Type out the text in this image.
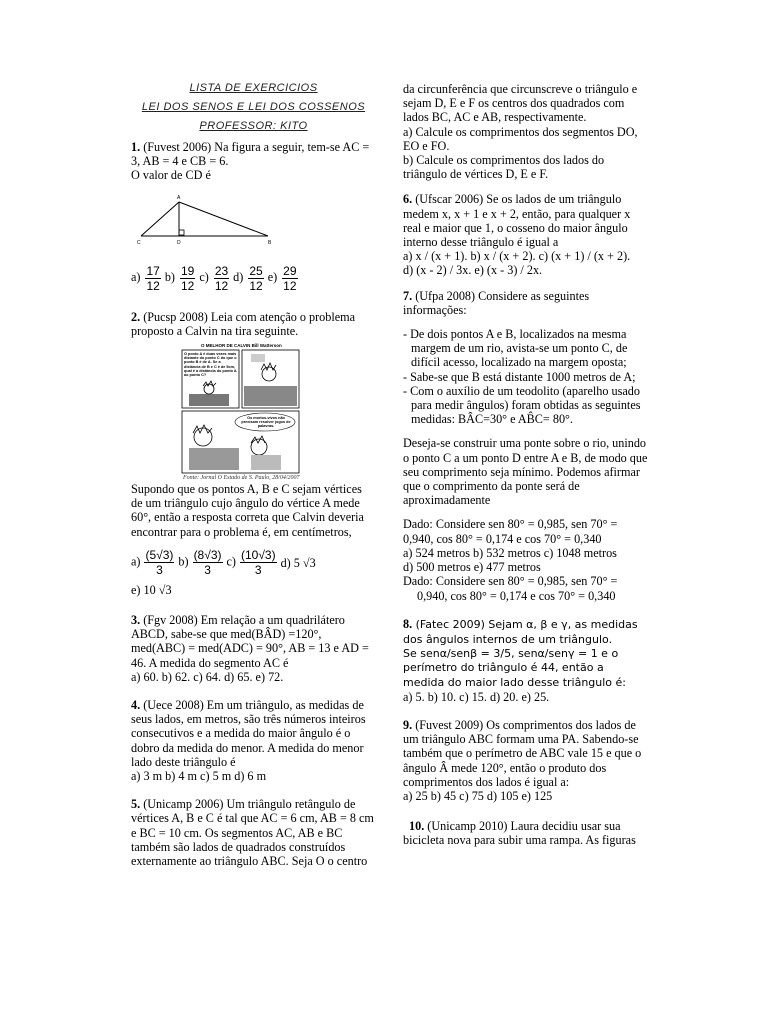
LISTA DE EXERCICIOS
LEI DOS SENOS E LEI DOS COSSENOS
PROFESSOR: KITO

1. (Fuvest 2006) Na figura a seguir, tem-se AC = 3, AB = 4 e CB = 6.

O valor de CD é

A
C	D	B
$a) \frac{17}{12} b) \frac{19}{12} c) \frac{23}{12} d) \frac{25}{12} e) \frac{29}{12}$

2. (Pucsp 2008) Leia com atenção o problema proposto a Calvin na tira seguinte.

O MELHOR DE CALVIN Bill Watterson
O ponto A é duas vezes mais distante do ponto C do que o ponto B é de A. Se a distância de B e C é de 5cm, qual é a distância do ponto A ao ponto C?
Os mortos-vivos não precisam resolver jogos de palavras.
Fonte: Jornal O Estado de S. Paulo, 28/04/2007

Supondo que os pontos A, B e C sejam vértices de um triângulo cujo ângulo do vértice A mede 60°, então a resposta correta que Calvin deveria encontrar para o problema é, em centímetros,

$a) \frac{(5√3)}{3} b) \frac{(8√3)}{3} c) \frac{(10√3)}{3} d$) 5 √3

e) 10 √3

3. (Fgv 2008) Em relação a um quadrilátero ABCD, sabe-se que med(BÂD) =120°, med(ABC) = med(ADC) = 90°, AB = 13 e AD = 46. A medida do segmento AC é

a) 60. b) 62. c) 64. d) 65. e) 72.

4. (Uece 2008) Em um triângulo, as medidas de seus lados, em metros, são três números inteiros consecutivos e a medida do maior ângulo é o dobro da medida do menor. A medida do menor lado deste triângulo é

a) 3 m b) 4 m c) 5 m d) 6 m

5. (Unicamp 2006) Um triângulo retângulo de vértices A, B e C é tal que AC = 6 cm, AB = 8 cm e BC = 10 cm. Os segmentos AC, AB e BC também são lados de quadrados construídos externamente ao triângulo ABC. Seja O o centro

da circunferência que circunscreve o triângulo e sejam D, E e F os centros dos quadrados com lados BC, AC e AB, respectivamente.

a) Calcule os comprimentos dos segmentos DO, EO e FO.

b) Calcule os comprimentos dos lados do triângulo de vértices D, E e F.

6. (Ufscar 2006) Se os lados de um triângulo medem x, x + 1 e x + 2, então, para qualquer x real e maior que 1, o cosseno do maior ângulo interno desse triângulo é igual a

a) x / (x + 1). b) x / (x + 2). c) (x + 1) / (x + 2).

d) (x - 2) / 3x. e) (x - 3) / 2x.

7. (Ufpa 2008) Considere as seguintes informações:

- De dois pontos A e B, localizados na mesma margem de um rio, avista-se um ponto C, de difícil acesso, localizado na margem oposta;

- Sabe-se que B está distante 1000 metros de A;

- Com o auxílio de um teodolito (aparelho usado para medir ângulos) foram obtidas as seguintes medidas: BÂC=30° e AB̂C= 80°.

Deseja-se construir uma ponte sobre o rio, unindo o ponto C a um ponto D entre A e B, de modo que seu comprimento seja mínimo. Podemos afirmar que o comprimento da ponte será de aproximadamente

Dado: Considere sen 80° = 0,985, sen 70° = 0,940, cos 80° = 0,174 e cos 70° = 0,340

a) 524 metros b) 532 metros c) 1048 metros

d) 500 metros e) 477 metros

Dado: Considere sen 80° = 0,985, sen 70° =

0,940, cos 80° = 0,174 e cos 70° = 0,340

8. (Fatec 2009) Sejam α, β e γ, as medidas dos ângulos internos de um triângulo.

Se senα/senβ = 3/5, senα/senγ = 1 e o perímetro do triângulo é 44, então a medida do maior lado desse triângulo é:

a) 5. b) 10. c) 15. d) 20. e) 25.

9. (Fuvest 2009) Os comprimentos dos lados de um triângulo ABC formam uma PA. Sabendo-se também que o perímetro de ABC vale 15 e que o ângulo Â mede 120°, então o produto dos comprimentos dos lados é igual a:

a) 25 b) 45 c) 75 d) 105 e) 125

10. (Unicamp 2010) Laura decidiu usar sua bicicleta nova para subir uma rampa. As figuras
